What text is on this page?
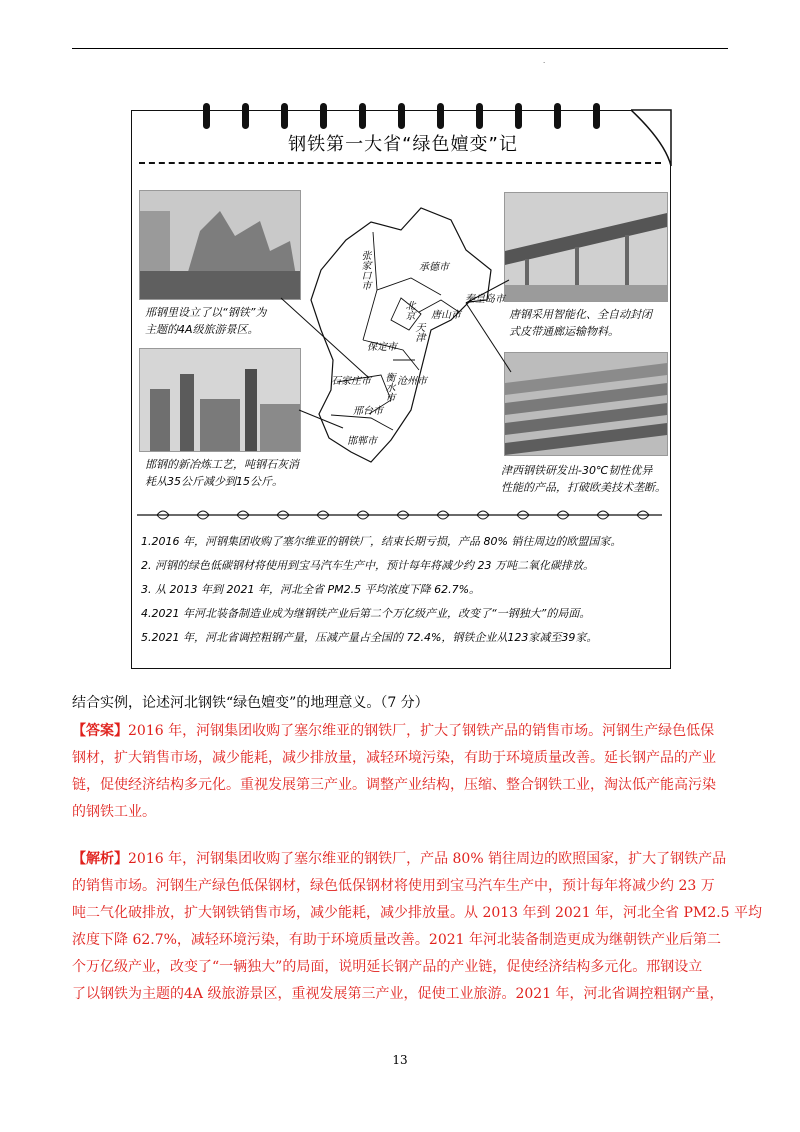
.
钢铁第一大省“绿色嬗变”记
邢钢里设立了以“钢铁”为
主题的4A级旅游景区。
邯钢的新冶炼工艺，吨钢石灰消
耗从35公斤减少到15公斤。
唐钢采用智能化、全自动封闭
式皮带通廊运输物料。
津西钢铁研发出-30℃韧性优异
性能的产品，打破欧美技术垄断。
张家口市	承德市
秦皇岛市
北京
天津
唐山市
保定市
沧州市
石家庄市 衡水市
邢台市
邯郸市
1.2016 年，河钢集团收购了塞尔维亚的钢铁厂，结束长期亏损，产品 80% 销往周边的欧盟国家。
2. 河钢的绿色低碳钢材将使用到宝马汽车生产中，预计每年将减少约 23 万吨二氧化碳排放。
3. 从 2013 年到 2021 年，河北全省 PM2.5 平均浓度下降 62.7%。
4.2021 年河北装备制造业成为继钢铁产业后第二个万亿级产业，改变了“一钢独大”的局面。
5.2021 年，河北省调控粗钢产量，压减产量占全国的 72.4%，钢铁企业从123家减至39家。
结合实例，论述河北钢铁“绿色嬗变”的地理意义。（7 分）
【答案】2016 年，河钢集团收购了塞尔维亚的钢铁厂，扩大了钢铁产品的销售市场。河钢生产绿色低保
钢材，扩大销售市场，减少能耗，减少排放量，减轻环境污染，有助于环境质量改善。延长钢产品的产业
链，促使经济结构多元化。重视发展第三产业。调整产业结构，压缩、整合钢铁工业，淘汰低产能高污染
的钢铁工业。
【解析】2016 年，河钢集团收购了塞尔维亚的钢铁厂，产品 80% 销往周边的欧照国家，扩大了钢铁产品
的销售市场。河钢生产绿色低保钢材，绿色低保钢材将使用到宝马汽车生产中，预计每年将减少约 23 万
吨二气化破排放，扩大钢铁销售市场，减少能耗，减少排放量。从 2013 年到 2021 年，河北全省 PM2.5 平均
浓度下降 62.7%，减轻环境污染，有助于环境质量改善。2021 年河北装备制造更成为继朝铁产业后第二
个万亿级产业，改变了“一辆独大”的局面，说明延长钢产品的产业链，促使经济结构多元化。邢钢设立
了以钢铁为主题的4A 级旅游景区，重视发展第三产业，促使工业旅游。2021 年，河北省调控粗钢产量，
13
